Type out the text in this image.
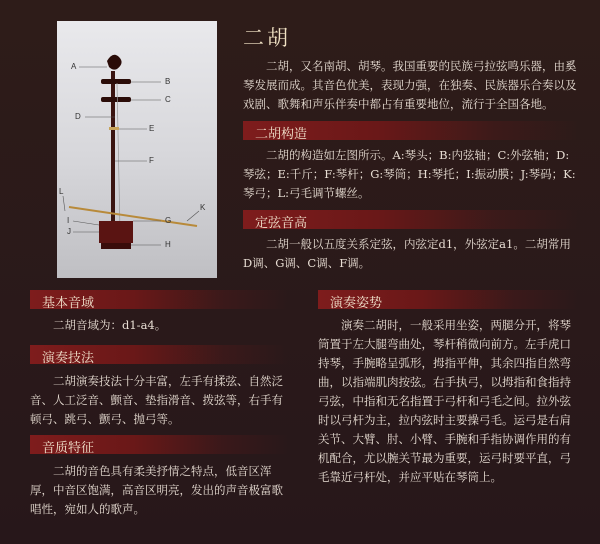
A
B
C
D
E
F
L
G
K
I
J
H
二胡

二胡，又名南胡、胡琴。我国重要的民族弓拉弦鸣乐器，由奚琴发展而成。其音色优美，表现力强，在独奏、民族器乐合奏以及戏剧、歌舞和声乐伴奏中都占有重要地位，流行于全国各地。

二胡构造

二胡的构造如左图所示。A:琴头；B:内弦轴；C:外弦轴；D:琴弦；E:千斤；F:琴杆；G:琴筒；H:琴托；I:振动膜；J:琴码；K:琴弓；L:弓毛调节螺丝。

定弦音高

二胡一般以五度关系定弦，内弦定d1，外弦定a1。二胡常用D调、G调、C调、F调。

基本音域

二胡音域为：d1-a4。

演奏技法

二胡演奏技法十分丰富，左手有揉弦、自然泛音、人工泛音、颤音、垫指滑音、拨弦等，右手有顿弓、跳弓、颤弓、抛弓等。

音质特征

二胡的音色具有柔美抒情之特点，低音区浑厚，中音区饱满，高音区明亮，发出的声音极富歌唱性，宛如人的歌声。

演奏姿势

演奏二胡时，一般采用坐姿，两腿分开，将琴筒置于左大腿弯曲处，琴杆稍微向前方。左手虎口持琴，手腕略呈弧形，拇指平伸，其余四指自然弯曲，以指端肌肉按弦。右手执弓，以拇指和食指持弓弦，中指和无名指置于弓杆和弓毛之间。拉外弦时以弓杆为主，拉内弦时主要操弓毛。运弓是右肩关节、大臂、肘、小臂、手腕和手指协调作用的有机配合，尤以腕关节最为重要，运弓时要平直，弓毛靠近弓杆处，并应平贴在琴筒上。
